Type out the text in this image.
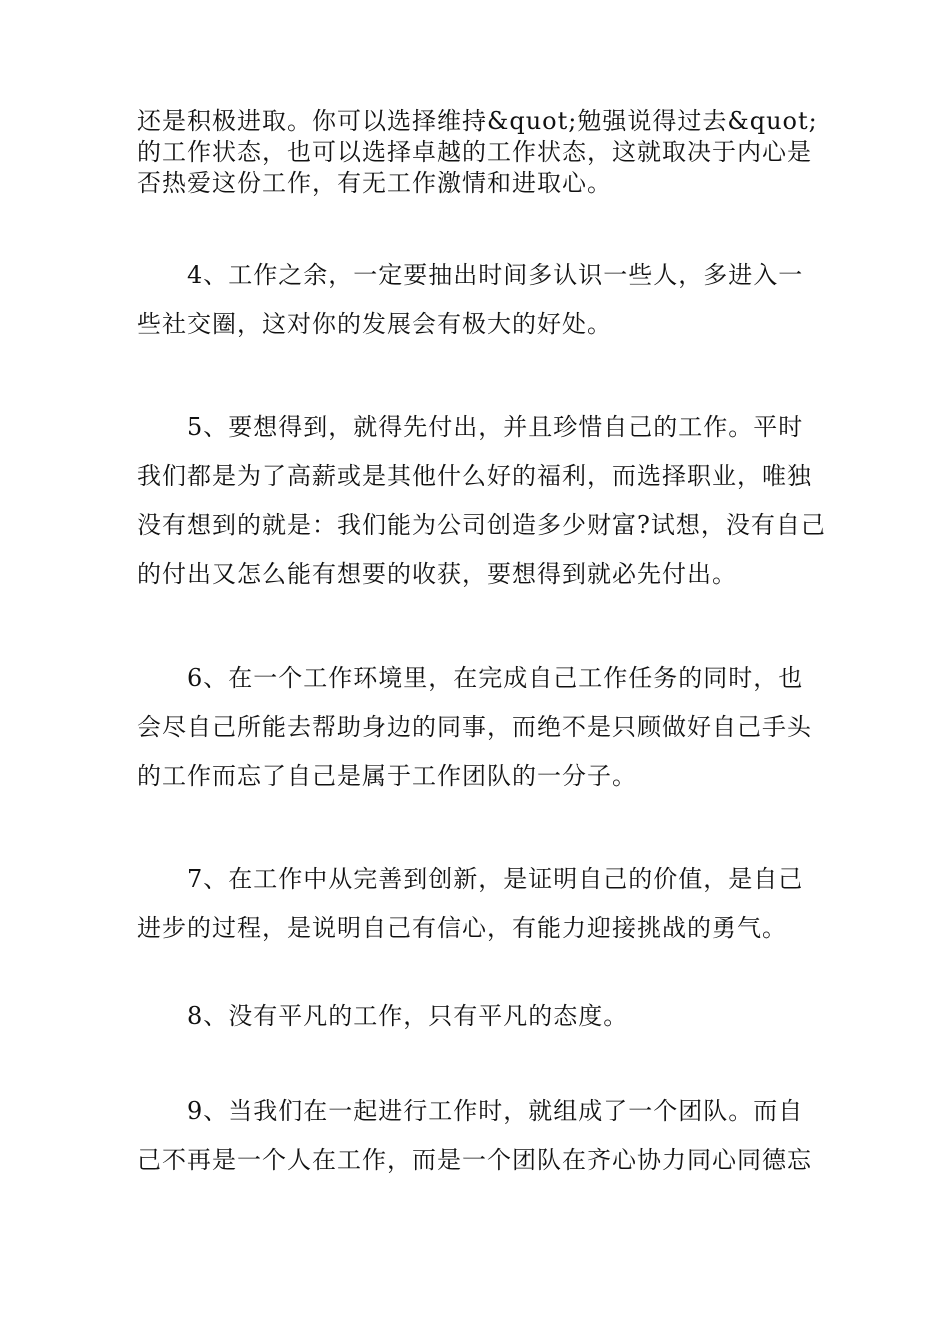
还是积极进取。你可以选择维持&quot;勉强说得过去&quot;的工作状态，也可以选择卓越的工作状态，这就取决于内心是否热爱这份工作，有无工作激情和进取心。

4、工作之余，一定要抽出时间多认识一些人，多进入一些社交圈，这对你的发展会有极大的好处。

5、要想得到，就得先付出，并且珍惜自己的工作。平时我们都是为了高薪或是其他什么好的福利，而选择职业，唯独没有想到的就是：我们能为公司创造多少财富?试想，没有自己的付出又怎么能有想要的收获，要想得到就必先付出。

6、在一个工作环境里，在完成自己工作任务的同时，也会尽自己所能去帮助身边的同事，而绝不是只顾做好自己手头的工作而忘了自己是属于工作团队的一分子。

7、在工作中从完善到创新，是证明自己的价值，是自己进步的过程，是说明自己有信心，有能力迎接挑战的勇气。

8、没有平凡的工作，只有平凡的态度。

9、当我们在一起进行工作时，就组成了一个团队。而自己不再是一个人在工作，而是一个团队在齐心协力同心同德忘
